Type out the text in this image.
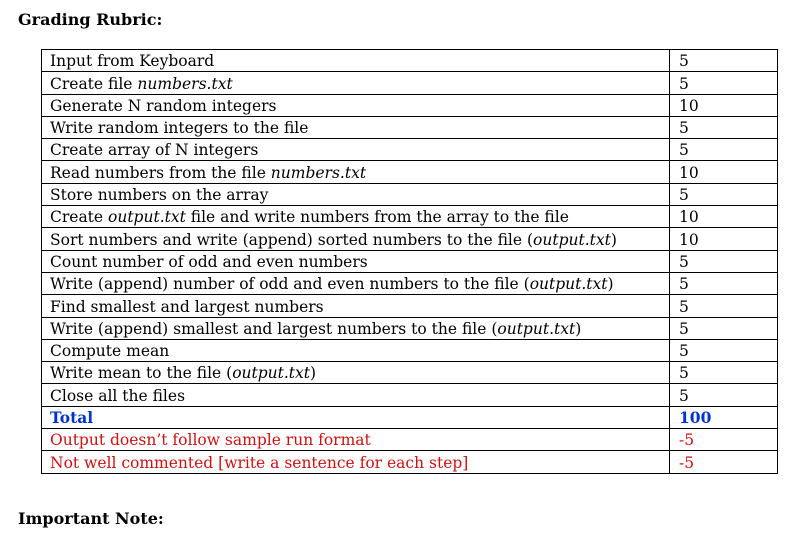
Grading Rubric:
Input from Keyboard	5
Create file numbers.txt	5
Generate N random integers	10
Write random integers to the file	5
Create array of N integers	5
Read numbers from the file numbers.txt	10
Store numbers on the array	5
Create output.txt file and write numbers from the array to the file	10
Sort numbers and write (append) sorted numbers to the file (output.txt)	10
Count number of odd and even numbers	5
Write (append) number of odd and even numbers to the file (output.txt)	5
Find smallest and largest numbers	5
Write (append) smallest and largest numbers to the file (output.txt)	5
Compute mean	5
Write mean to the file (output.txt)	5
Close all the files	5
Total	100
Output doesn’t follow sample run format	-5
Not well commented [write a sentence for each step]	-5
Important Note:
